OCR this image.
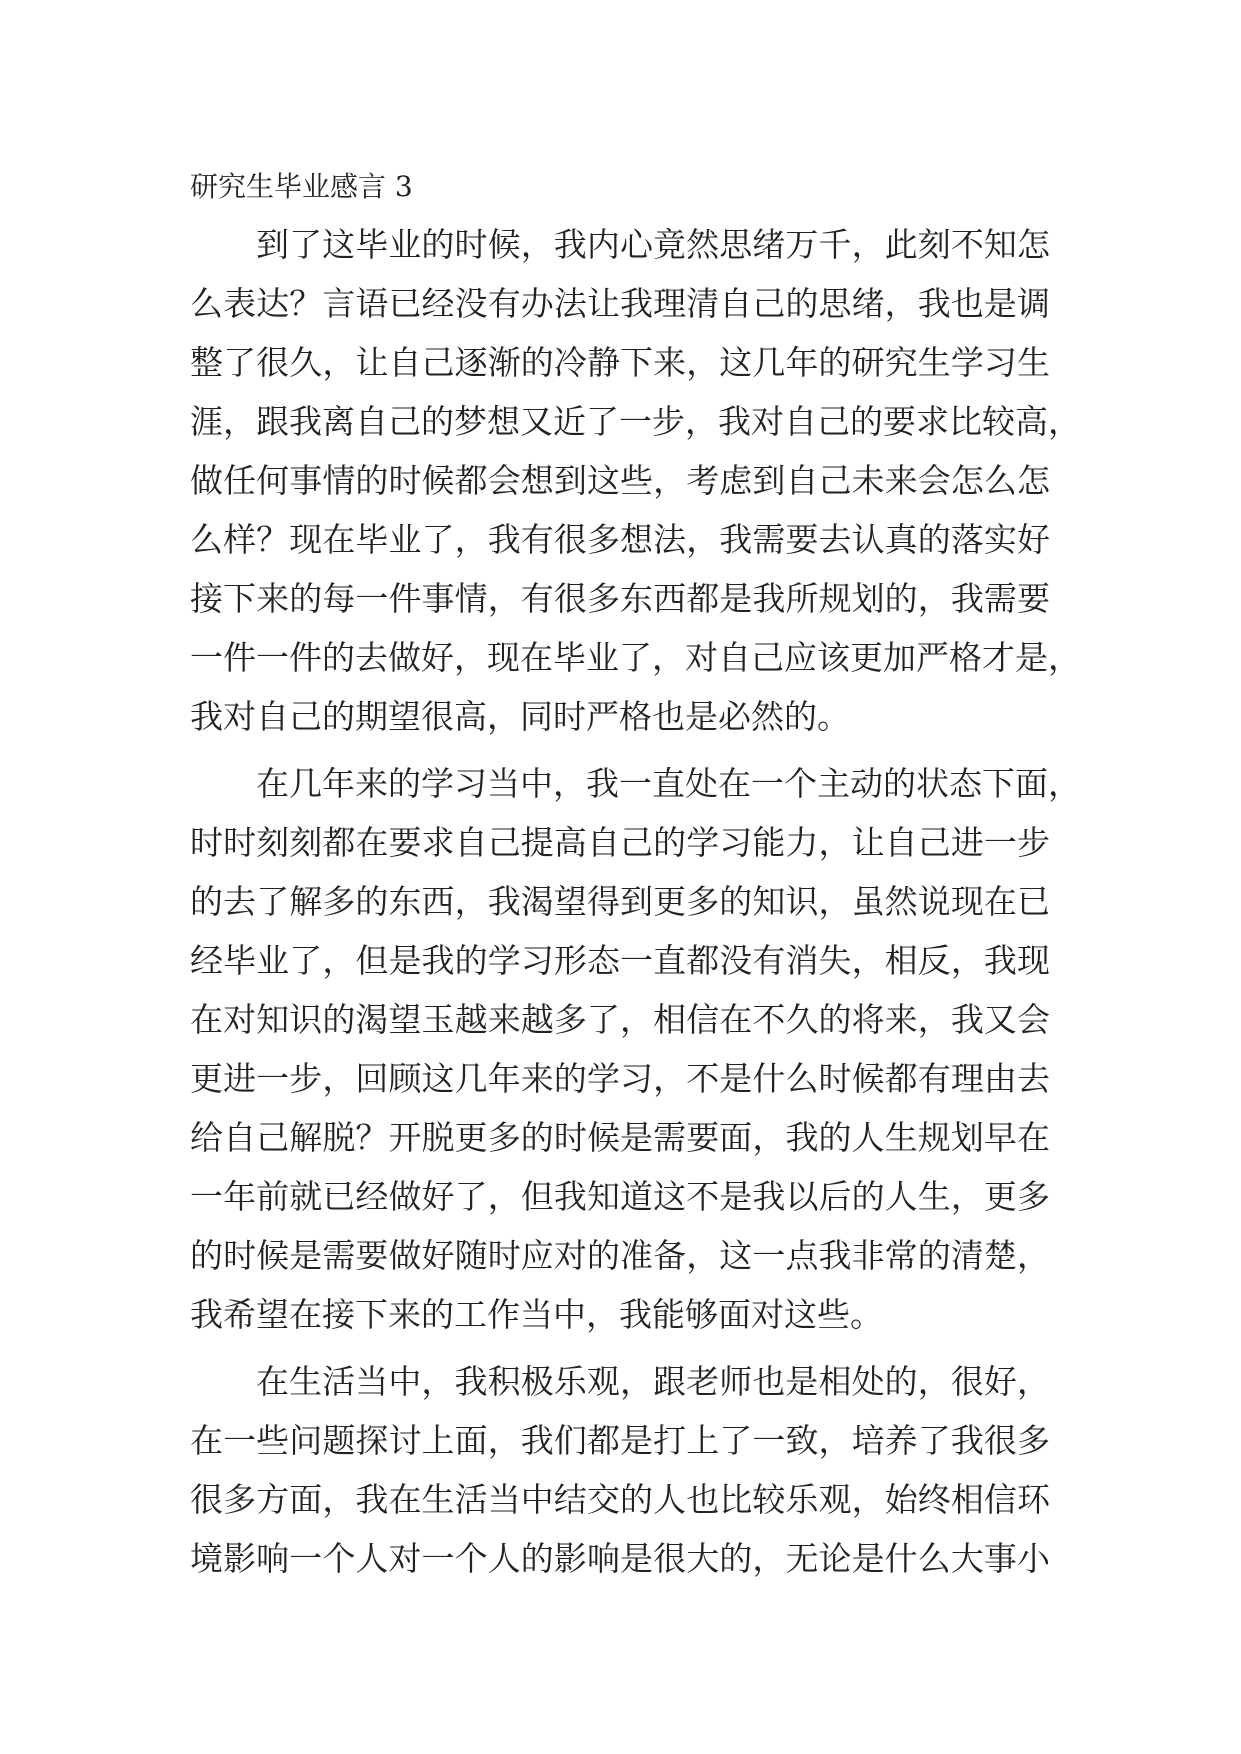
研究生毕业感言 3
到了这毕业的时候，我内心竟然思绪万千，此刻不知怎
么表达？言语已经没有办法让我理清自己的思绪，我也是调
整了很久，让自己逐渐的冷静下来，这几年的研究生学习生
涯，跟我离自己的梦想又近了一步，我对自己的要求比较高，
做任何事情的时候都会想到这些，考虑到自己未来会怎么怎
么样？现在毕业了，我有很多想法，我需要去认真的落实好
接下来的每一件事情，有很多东西都是我所规划的，我需要
一件一件的去做好，现在毕业了，对自己应该更加严格才是，
我对自己的期望很高，同时严格也是必然的。
在几年来的学习当中，我一直处在一个主动的状态下面，
时时刻刻都在要求自己提高自己的学习能力，让自己进一步
的去了解多的东西，我渴望得到更多的知识，虽然说现在已
经毕业了，但是我的学习形态一直都没有消失，相反，我现
在对知识的渴望玉越来越多了，相信在不久的将来，我又会
更进一步，回顾这几年来的学习，不是什么时候都有理由去
给自己解脱？开脱更多的时候是需要面，我的人生规划早在
一年前就已经做好了，但我知道这不是我以后的人生，更多
的时候是需要做好随时应对的准备，这一点我非常的清楚，
我希望在接下来的工作当中，我能够面对这些。
在生活当中，我积极乐观，跟老师也是相处的，很好，
在一些问题探讨上面，我们都是打上了一致，培养了我很多
很多方面，我在生活当中结交的人也比较乐观，始终相信环
境影响一个人对一个人的影响是很大的，无论是什么大事小
